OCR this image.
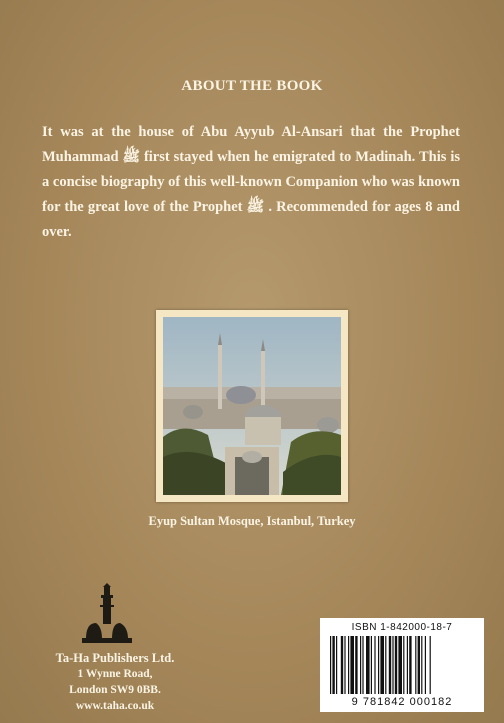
ABOUT THE BOOK
It was at the house of Abu Ayyub Al-Ansari that the Prophet Muhammad ﷺ first stayed when he emigrated to Madinah. This is a concise biography of this well-known Companion who was known for the great love of the Prophet ﷺ . Recommended for ages 8 and over.
Eyup Sultan Mosque, Istanbul, Turkey
Ta-Ha Publishers Ltd.
1 Wynne Road,
London SW9 0BB.
www.taha.co.uk
ISBN 1-842000-18-7
9 781842 000182
